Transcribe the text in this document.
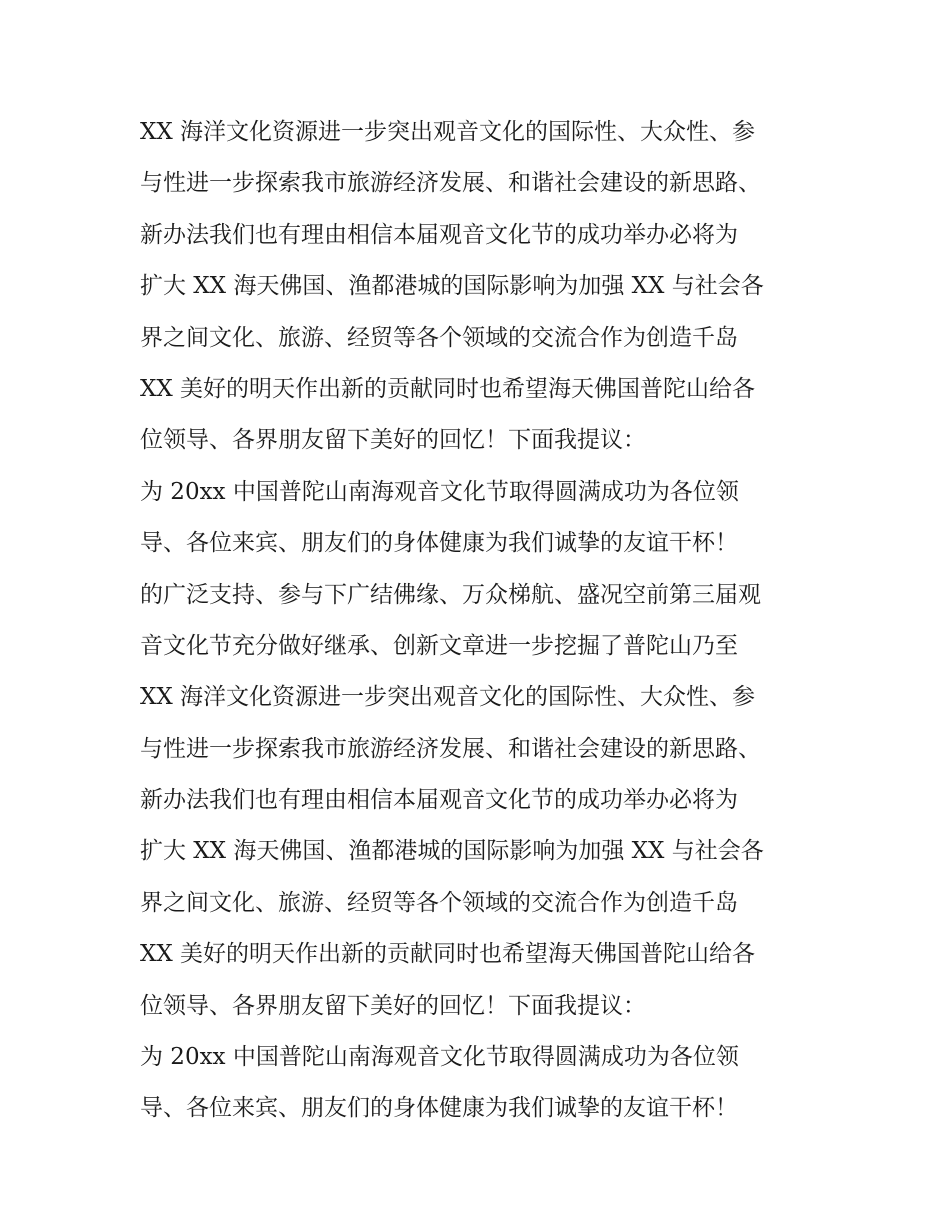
XX 海洋文化资源进一步突出观音文化的国际性、大众性、参
与性进一步探索我市旅游经济发展、和谐社会建设的新思路、
新办法我们也有理由相信本届观音文化节的成功举办必将为
扩大 XX 海天佛国、渔都港城的国际影响为加强 XX 与社会各
界之间文化、旅游、经贸等各个领域的交流合作为创造千岛
XX 美好的明天作出新的贡献同时也希望海天佛国普陀山给各
位领导、各界朋友留下美好的回忆！下面我提议：
为 20xx 中国普陀山南海观音文化节取得圆满成功为各位领
导、各位来宾、朋友们的身体健康为我们诚挚的友谊干杯！
的广泛支持、参与下广结佛缘、万众梯航、盛况空前第三届观
音文化节充分做好继承、创新文章进一步挖掘了普陀山乃至
XX 海洋文化资源进一步突出观音文化的国际性、大众性、参
与性进一步探索我市旅游经济发展、和谐社会建设的新思路、
新办法我们也有理由相信本届观音文化节的成功举办必将为
扩大 XX 海天佛国、渔都港城的国际影响为加强 XX 与社会各
界之间文化、旅游、经贸等各个领域的交流合作为创造千岛
XX 美好的明天作出新的贡献同时也希望海天佛国普陀山给各
位领导、各界朋友留下美好的回忆！下面我提议：
为 20xx 中国普陀山南海观音文化节取得圆满成功为各位领
导、各位来宾、朋友们的身体健康为我们诚挚的友谊干杯！
